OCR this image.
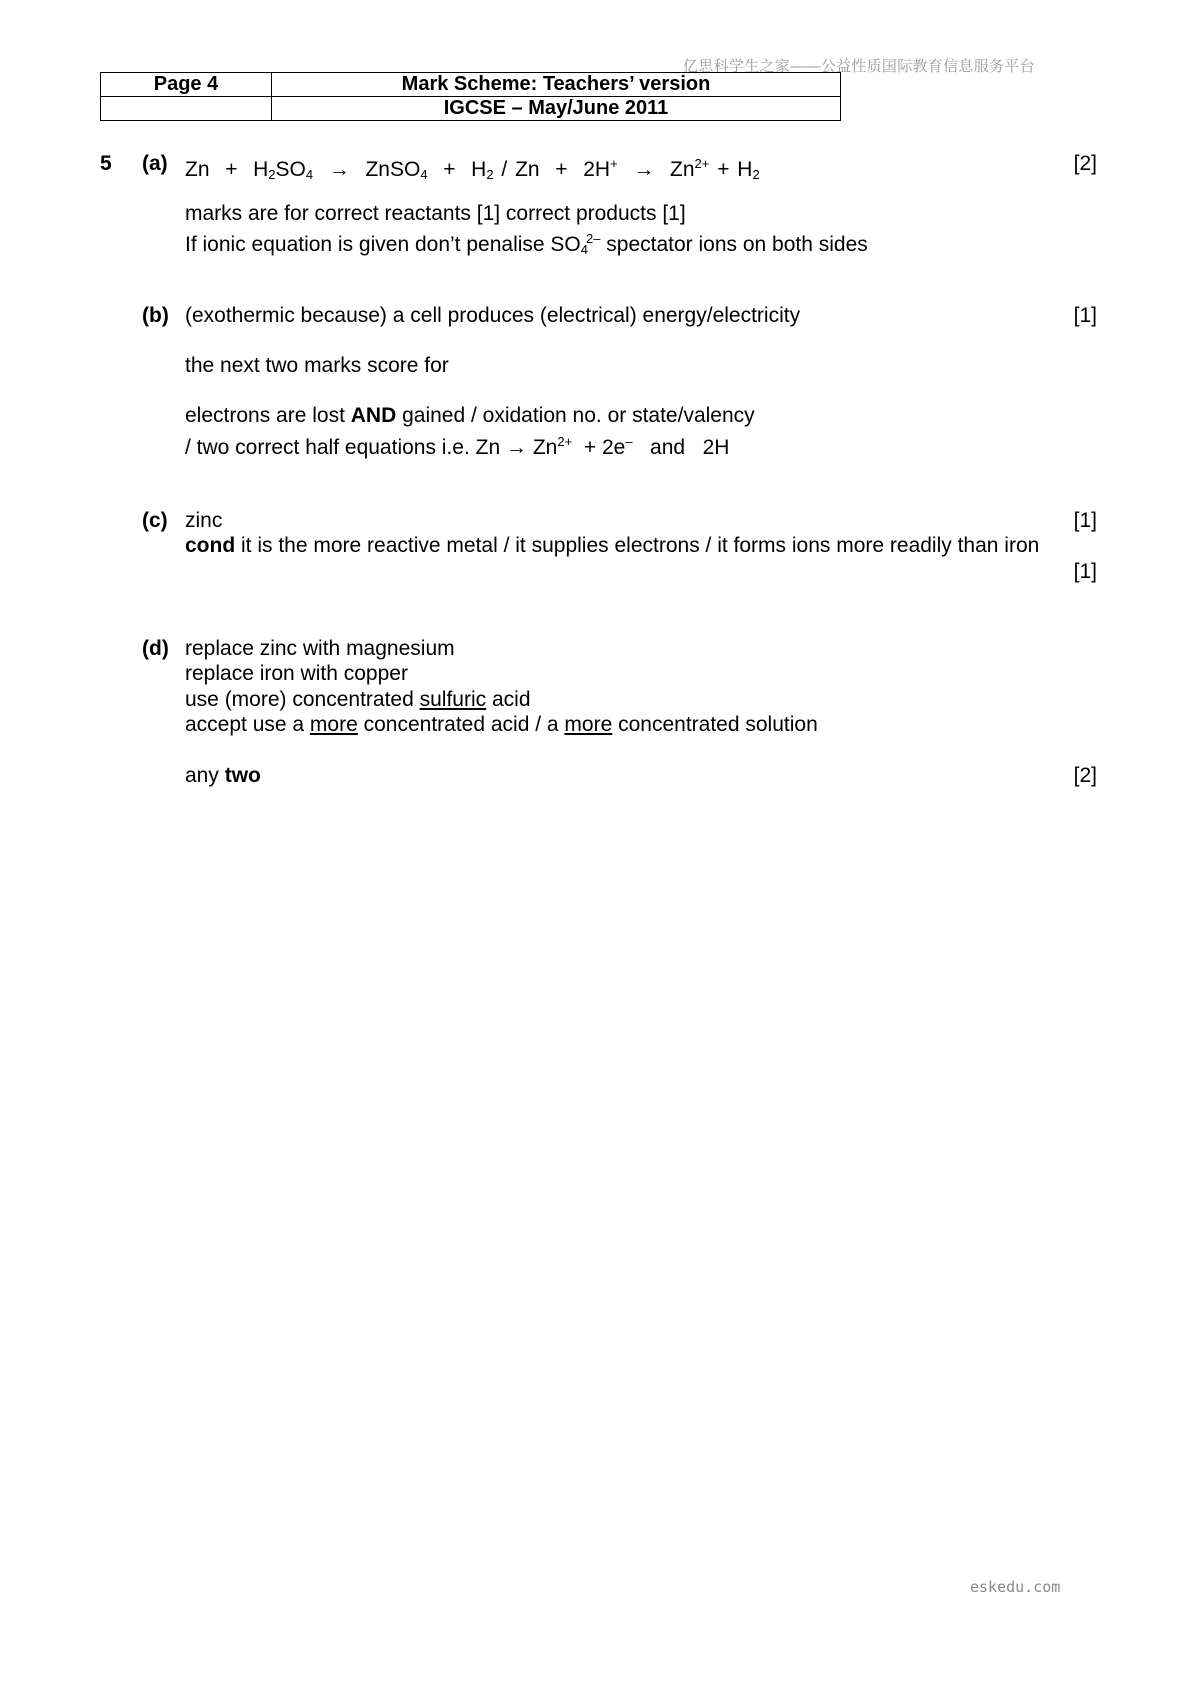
亿思科学生之家——公益性质国际教育信息服务平台
Page 4	Mark Scheme: Teachers’ version
	IGCSE – May/June 2011
5 (a) $Zn + H_2SO_4$ → ZnSO$_4$ + $H_2 / Zn + 2H^+ \to Zn^{2+} + H_2$	[2]
marks are for correct reactants [1] correct products [1]
If ionic equation is given don’t penalise $SO_4^{2-}$ spectator ions on both sides
(b) (exothermic because) a cell produces (electrical) energy/electricity	[1]
the next two marks score for
electrons are lost AND gained / oxidation no. or state/valency
/ two correct half equations i.e. $Zn \to Zn^{2+} + 2e^-$   and   2H
(c) zinc	[1]
cond it is the more reactive metal / it supplies electrons / it forms ions more readily than iron
[1]
(d) replace zinc with magnesium
replace iron with copper
use (more) concentrated sulfuric acid
accept use a more concentrated acid / a more concentrated solution
any two	[2]
eskedu.com
